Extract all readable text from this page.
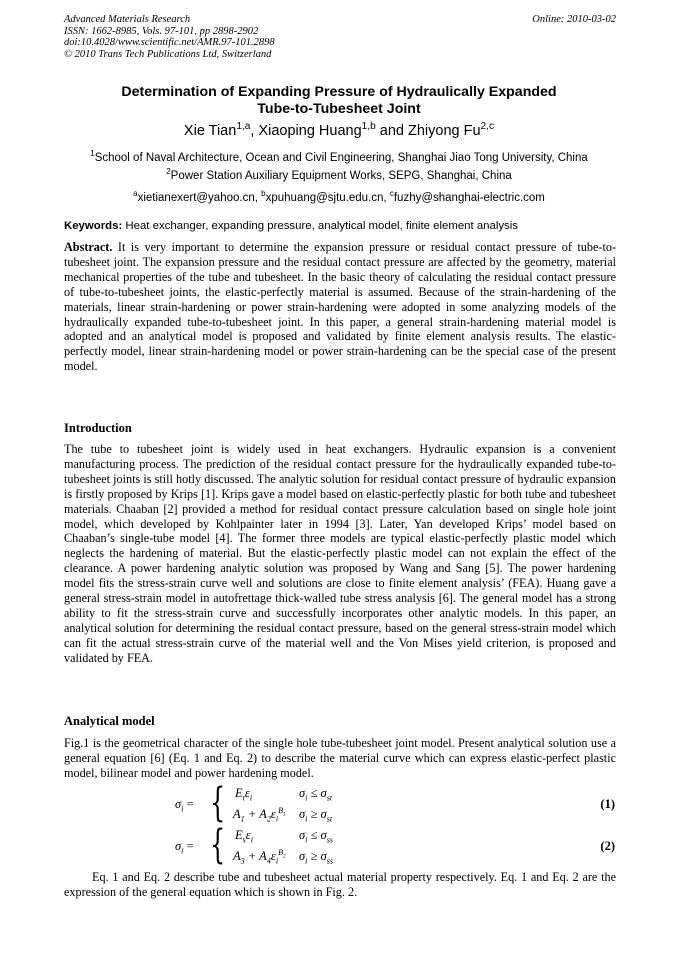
Advanced Materials Research
ISSN: 1662-8985, Vols. 97-101, pp 2898-2902
doi:10.4028/www.scientific.net/AMR.97-101.2898
© 2010 Trans Tech Publications Ltd, Switzerland
Online: 2010-03-02
Determination of Expanding Pressure of Hydraulically Expanded
Tube-to-Tubesheet Joint
Xie Tian$^{1,a}$, Xiaoping Huang$^{1,b}$ and Zhiyong Fu$^{2,c}$
$^1$School of Naval Architecture, Ocean and Civil Engineering, Shanghai Jiao Tong University, China
$^2$Power Station Auxiliary Equipment Works, SEPG, Shanghai, China
$^a$xietianexert@yahoo.cn, $^b$xpuhuang@sjtu.edu.cn, $^c$fuzhy@shanghai-electric.com
Keywords: Heat exchanger, expanding pressure, analytical model, finite element analysis
Abstract. It is very important to determine the expansion pressure or residual contact pressure of tube-to-tubesheet joint. The expansion pressure and the residual contact pressure are affected by the geometry, material mechanical properties of the tube and tubesheet. In the basic theory of calculating the residual contact pressure of tube-to-tubesheet joints, the elastic-perfectly material is assumed. Because of the strain-hardening of the materials, linear strain-hardening or power strain-hardening were adopted in some analyzing models of the hydraulically expanded tube-to-tubesheet joint. In this paper, a general strain-hardening material model is adopted and an analytical model is proposed and validated by finite element analysis results. The elastic-perfectly model, linear strain-hardening model or power strain-hardening can be the special case of the present model.
Introduction
The tube to tubesheet joint is widely used in heat exchangers. Hydraulic expansion is a convenient manufacturing process. The prediction of the residual contact pressure for the hydraulically expanded tube-to-tubesheet joints is still hotly discussed. The analytic solution for residual contact pressure of hydraulic expansion is firstly proposed by Krips [1]. Krips gave a model based on elastic-perfectly plastic for both tube and tubesheet materials. Chaaban [2] provided a method for residual contact pressure calculation based on single hole joint model, which developed by Kohlpainter later in 1994 [3]. Later, Yan developed Krips’ model based on Chaaban’s single-tube model [4]. The former three models are typical elastic-perfectly plastic model which neglects the hardening of material. But the elastic-perfectly plastic model can not explain the effect of the clearance. A power hardening analytic solution was proposed by Wang and Sang [5]. The power hardening model fits the stress-strain curve well and solutions are close to finite element analysis’ (FEA). Huang gave a general stress-strain model in autofrettage thick-walled tube stress analysis [6]. The general model has a strong ability to fit the stress-strain curve and successfully incorporates other analytic models. In this paper, an analytical solution for determining the residual contact pressure, based on the general stress-strain model which can fit the actual stress-strain curve of the material well and the Von Mises yield criterion, is proposed and validated by FEA.
Analytical model
Fig.1 is the geometrical character of the single hole tube-tubesheet joint model. Present analytical solution use a general equation [6] (Eq. 1 and Eq. 2) to describe the material curve which can express elastic-perfect plastic model, bilinear model and power hardening model.
$\sigma_i$ = { $E_t\varepsilon_i$	$\sigma_i \le \sigma_{st}$
$A_1 + A_2\varepsilon_i^{B_1}$ $\sigma_i \ge \sigma_{st}$
(1)
$\sigma_i$ = { $E_s\varepsilon_i$	$\sigma_i \le \sigma_{ss}$
$A_3 + A_4\varepsilon_i^{B_2}$ $\sigma_i \ge \sigma_{ss}$
(2)
Eq. 1 and Eq. 2 describe tube and tubesheet actual material property respectively. Eq. 1 and Eq. 2 are the expression of the general equation which is shown in Fig. 2.
